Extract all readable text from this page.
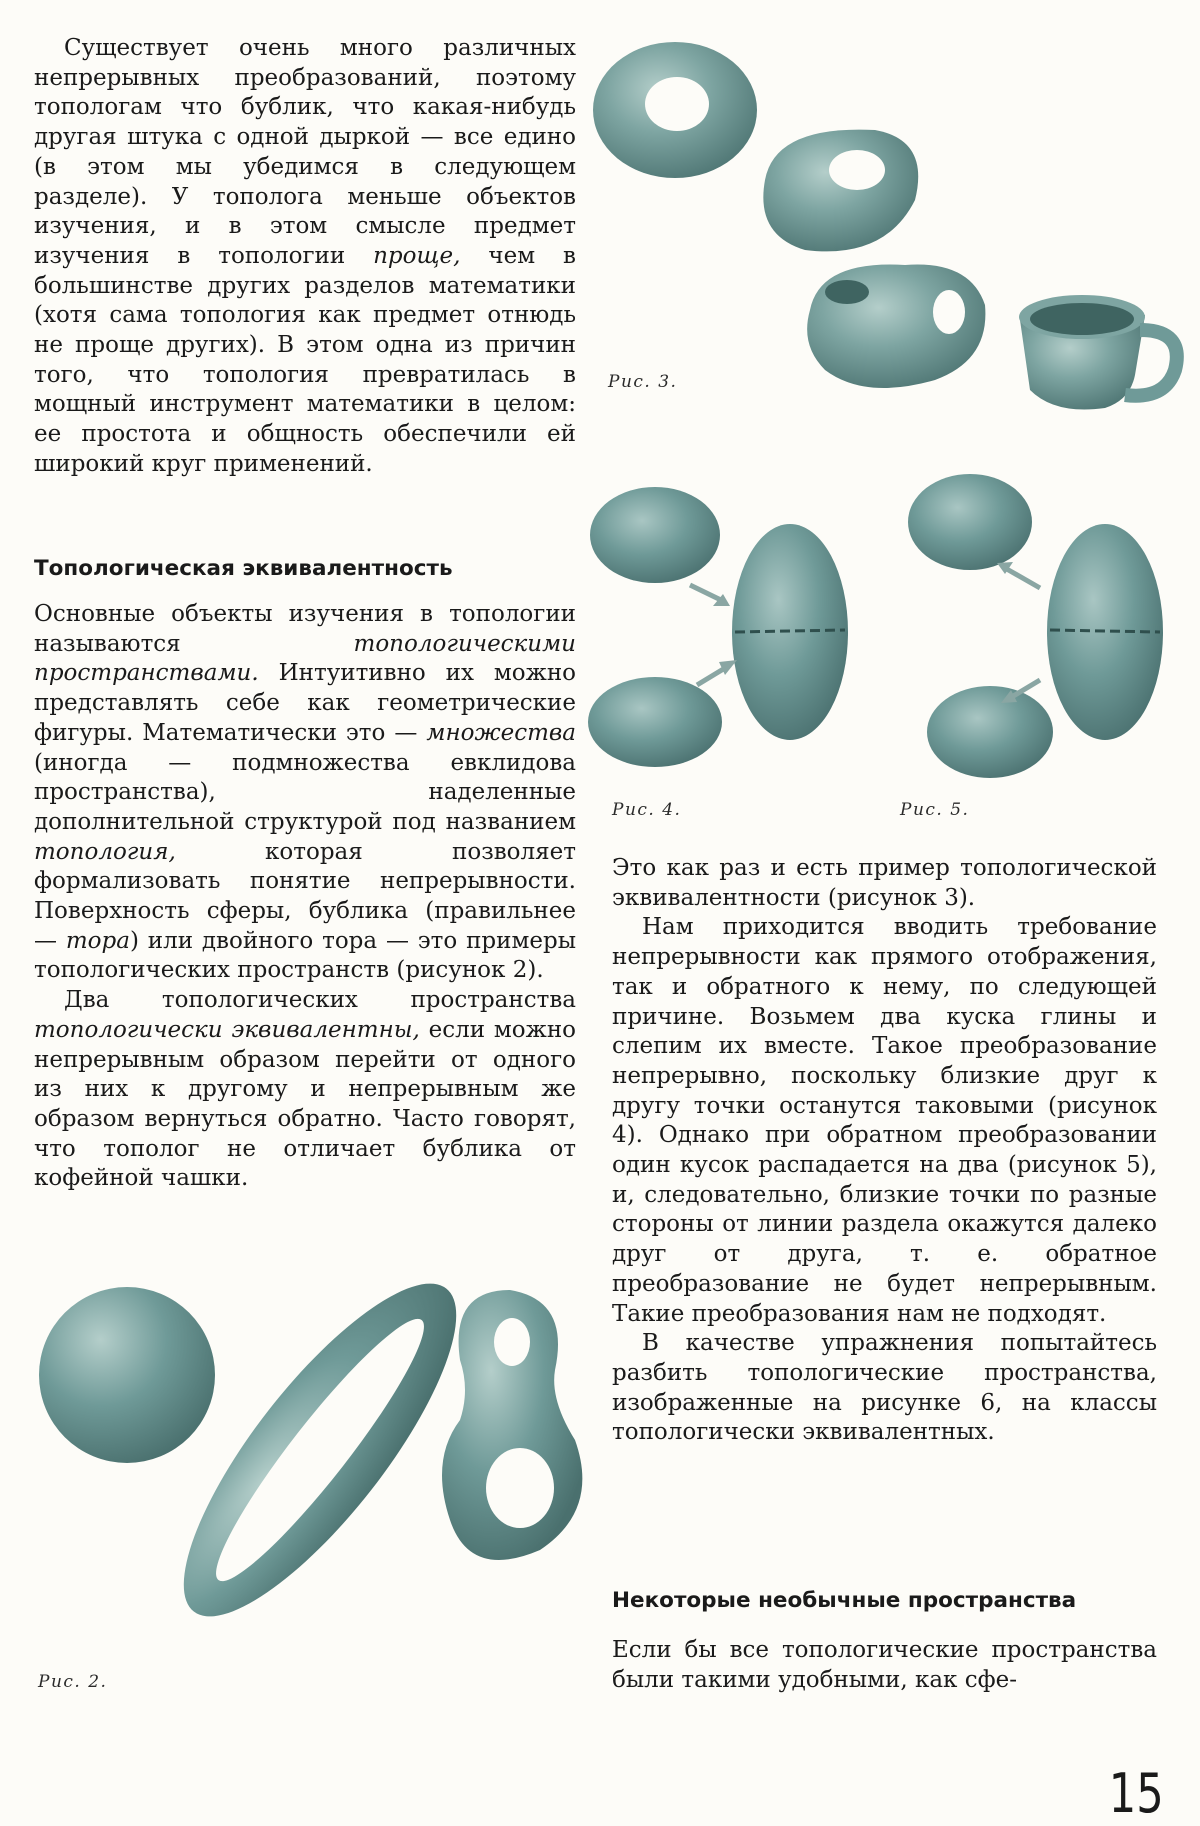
Существует очень много различных непрерывных преобразований, поэтому топологам что бублик, что какая-нибудь другая штука с одной дыркой — все едино (в этом мы убедимся в следующем разделе). У тополога меньше объектов изучения, и в этом смысле предмет изучения в топологии проще, чем в большинстве других разделов математики (хотя сама топология как предмет отнюдь не проще других). В этом одна из причин того, что топология превратилась в мощный инструмент математики в целом: ее простота и общность обеспечили ей широкий круг применений.

Топологическая эквивалентность

Основные объекты изучения в топологии называются топологическими пространствами. Интуитивно их можно представлять себе как геометрические фигуры. Математически это — множества (иногда — подмножества евклидова пространства), наделенные дополнительной структурой под названием топология, которая позволяет формализовать понятие непрерывности. Поверхность сферы, бублика (правильнее — тора) или двойного тора — это примеры топологических пространств (рисунок 2).

Два топологических пространства топологически эквивалентны, если можно непрерывным образом перейти от одного из них к другому и непрерывным же образом вернуться обратно. Часто говорят, что тополог не отличает бублика от кофейной чашки.

Это как раз и есть пример топологической эквивалентности (рисунок 3).

Нам приходится вводить требование непрерывности как прямого отображения, так и обратного к нему, по следующей причине. Возьмем два куска глины и слепим их вместе. Такое преобразование непрерывно, поскольку близкие друг к другу точки останутся таковыми (рисунок 4). Однако при обратном преобразовании один кусок распадается на два (рисунок 5), и, следовательно, близкие точки по разные стороны от линии раздела окажутся далеко друг от друга, т. е. обратное преобразование не будет непрерывным. Такие преобразования нам не подходят.

В качестве упражнения попытайтесь разбить топологические пространства, изображенные на рисунке 6, на классы топологически эквивалентных.

Некоторые необычные пространства

Если бы все топологические пространства были такими удобными, как сфе-

Рис. 3.
Рис. 4.	Рис. 5.
Рис. 2.
15
